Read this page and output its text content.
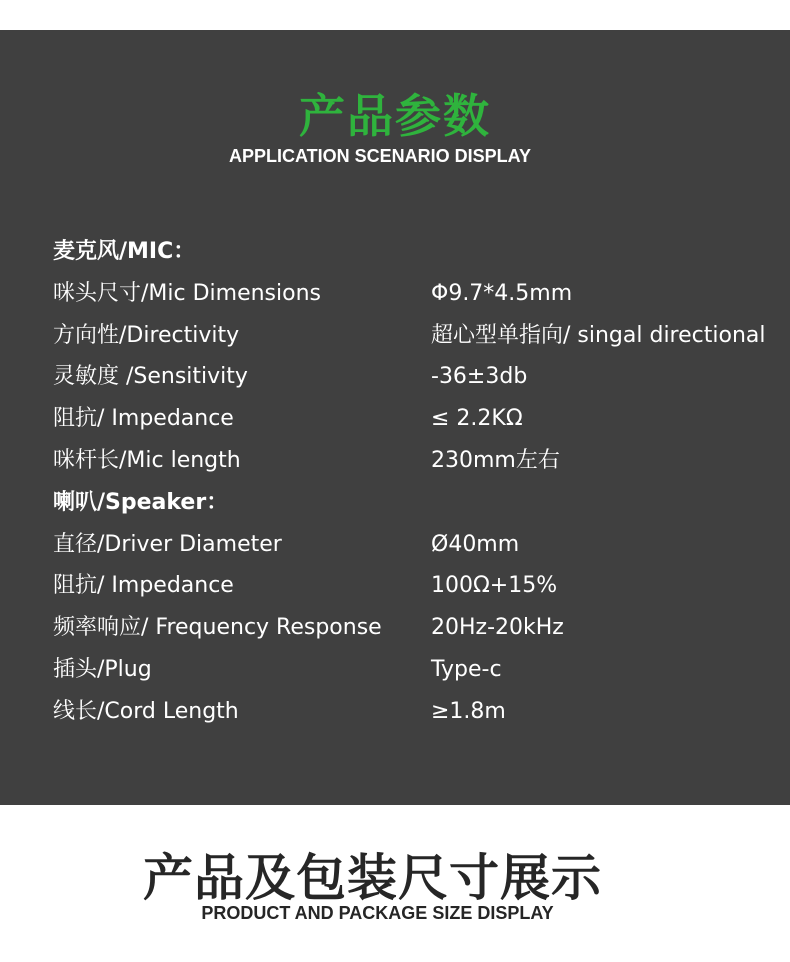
产品参数
APPLICATION SCENARIO DISPLAY
麦克风/MIC：
咪头尺寸/Mic Dimensions	Φ9.7*4.5mm
方向性/Directivity	超心型单指向/ singal directional
灵敏度 /Sensitivity	-36±3db
阻抗/ Impedance	≤ 2.2KΩ
咪杆长/Mic length	230mm左右
喇叭/Speaker：
直径/Driver Diameter	Ø40mm
阻抗/ Impedance	100Ω+15%
频率响应/ Frequency Response 20Hz-20kHz
插头/Plug	Type-c
线长/Cord Length	≥1.8m
产品及包装尺寸展示
PRODUCT AND PACKAGE SIZE DISPLAY
